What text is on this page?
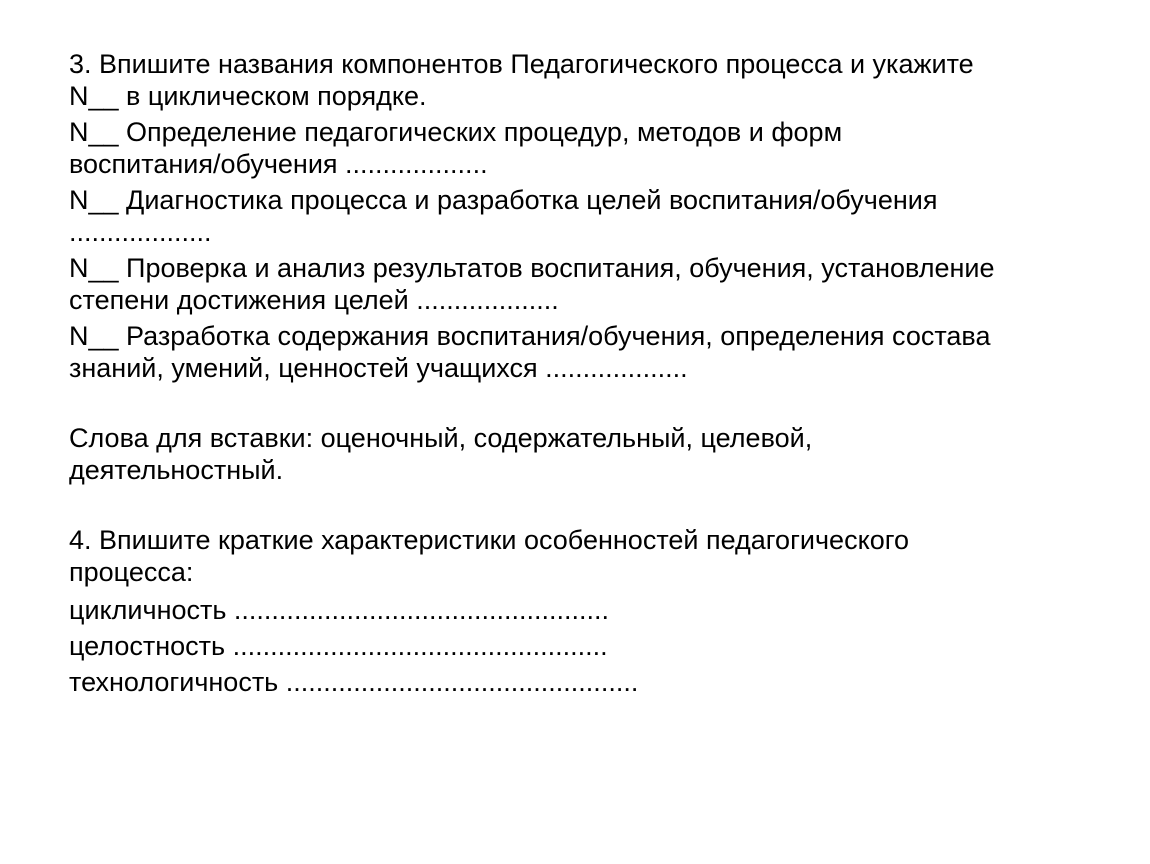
3. Впишите названия компонентов Педагогического процесса и укажите
N__ в циклическом порядке.
N__ Определение педагогических процедур, методов и форм
воспитания/обучения ...................
N__ Диагностика процесса и разработка целей воспитания/обучения
...................
N__ Проверка и анализ результатов воспитания, обучения, установление
степени достижения целей ...................
N__ Разработка содержания воспитания/обучения, определения состава
знаний, умений, ценностей учащихся ...................
Слова для вставки: оценочный, содержательный, целевой,
деятельностный.
4. Впишите краткие характеристики особенностей педагогического
процесса:
цикличность ..................................................
целостность ..................................................
технологичность ...............................................
